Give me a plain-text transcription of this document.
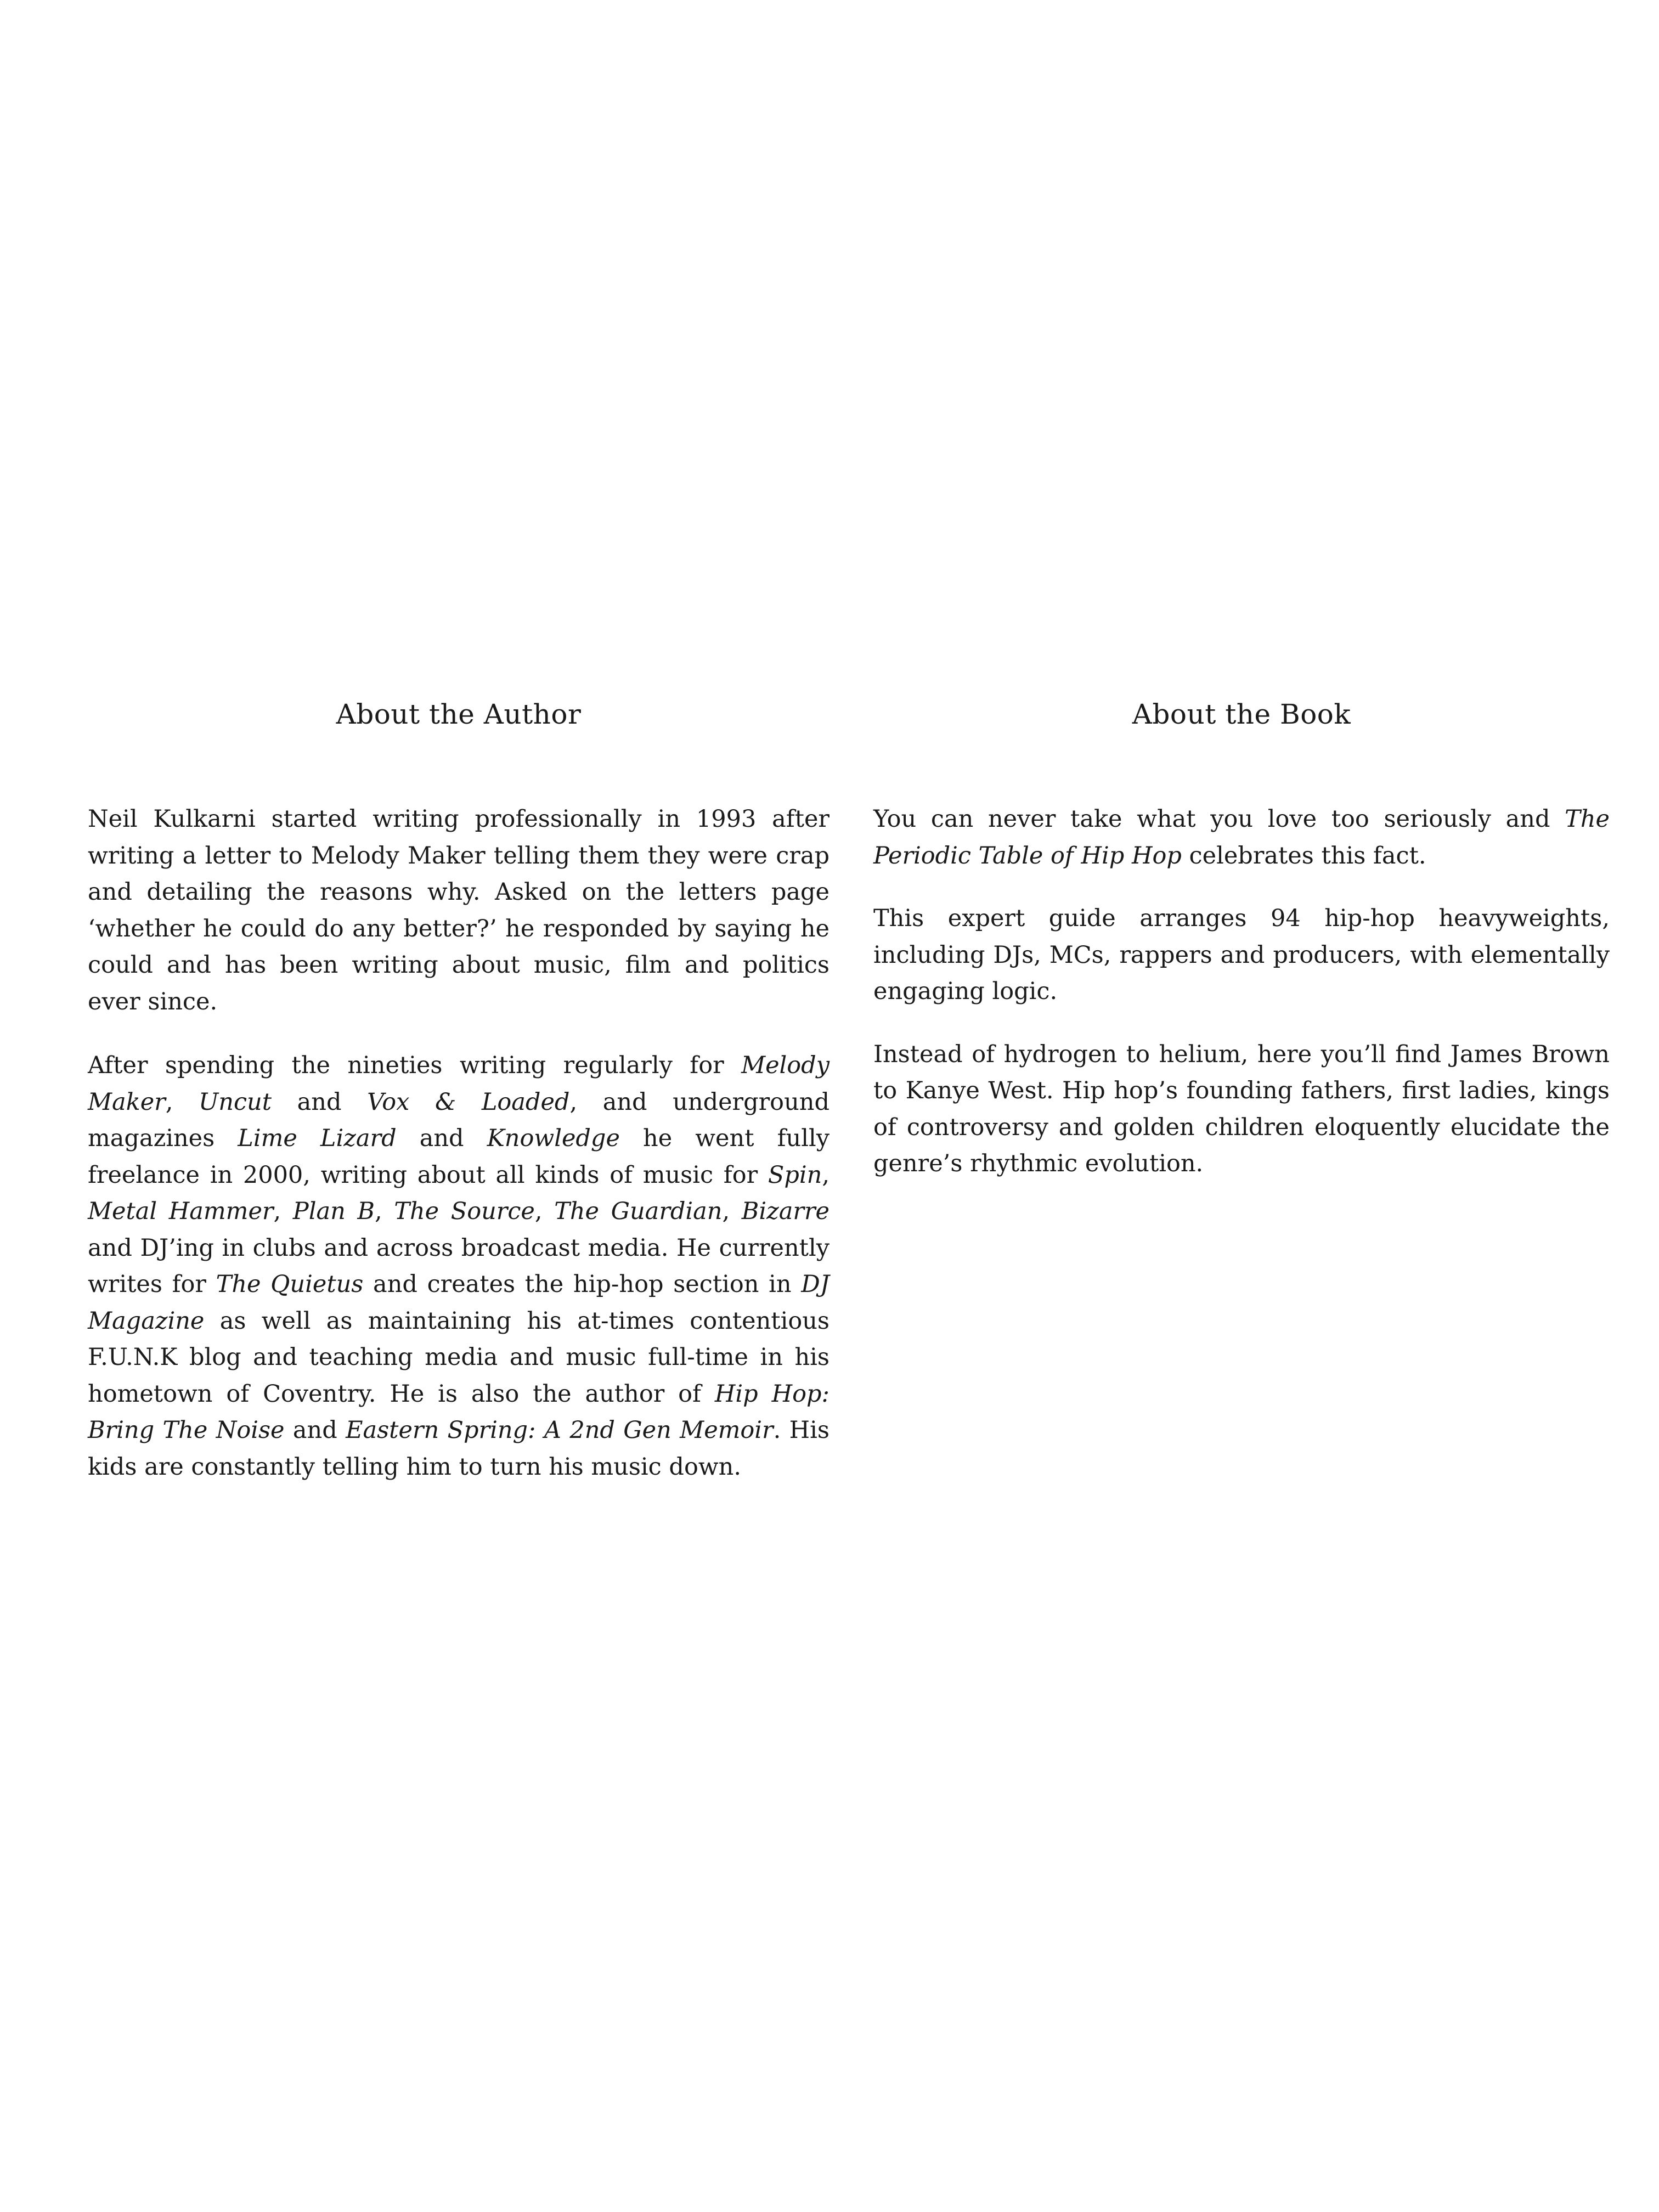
About the Author

Neil Kulkarni started writing professionally in 1993 after writing a letter to Melody Maker telling them they were crap and detailing the reasons why. Asked on the letters page ‘whether he could do any better?’ he responded by saying he could and has been writing about music, film and politics ever since.

After spending the nineties writing regularly for Melody Maker, Uncut and Vox & Loaded, and underground magazines Lime Lizard and Knowledge he went fully freelance in 2000, writing about all kinds of music for Spin, Metal Hammer, Plan B, The Source, The Guardian, Bizarre and DJ’ing in clubs and across broadcast media. He currently writes for The Quietus and creates the hip-hop section in DJ Magazine as well as maintaining his at-times contentious F.U.N.K blog and teaching media and music full-time in his hometown of Coventry. He is also the author of Hip Hop: Bring The Noise and Eastern Spring: A 2nd Gen Memoir. His kids are constantly telling him to turn his music down.

About the Book

You can never take what you love too seriously and The Periodic Table of Hip Hop celebrates this fact.

This expert guide arranges 94 hip-hop heavyweights, including DJs, MCs, rappers and producers, with elementally engaging logic.

Instead of hydrogen to helium, here you’ll find James Brown to Kanye West. Hip hop’s founding fathers, first ladies, kings of controversy and golden children eloquently elucidate the genre’s rhythmic evolution.
